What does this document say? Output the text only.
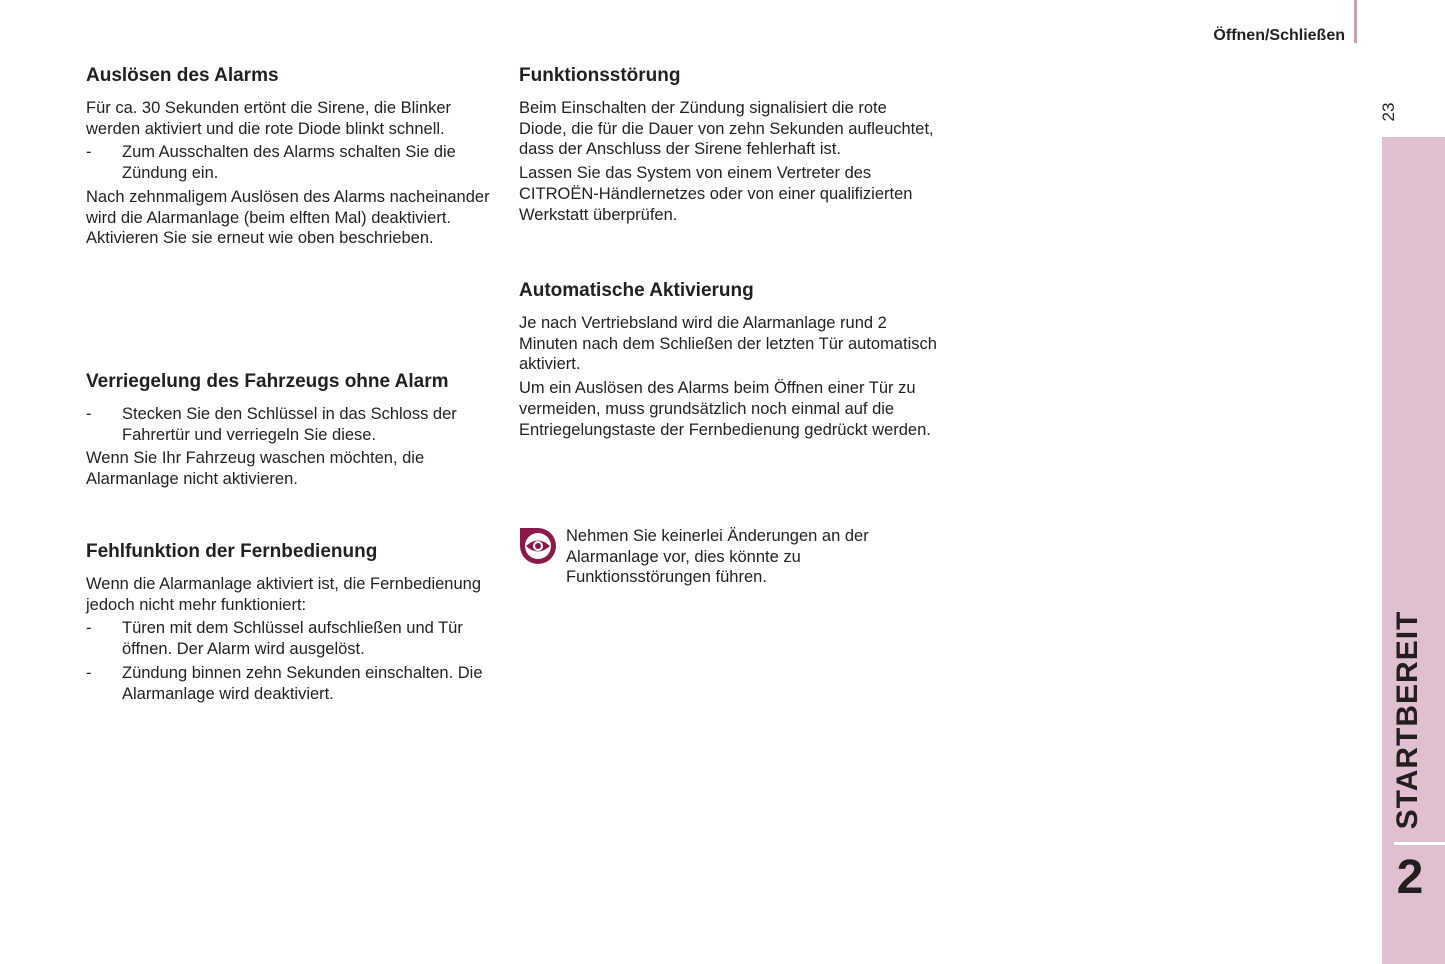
Öffnen/Schließen
23
STARTBEREIT
2
Auslösen des Alarms

Für ca. 30 Sekunden ertönt die Sirene, die Blinker werden aktiviert und die rote Diode blinkt schnell.

-	Zum Ausschalten des Alarms schalten Sie die Zündung ein.

Nach zehnmaligem Auslösen des Alarms nacheinander wird die Alarmanlage (beim elften Mal) deaktiviert. Aktivieren Sie sie erneut wie oben beschrieben.

Verriegelung des Fahrzeugs ohne Alarm
-	Stecken Sie den Schlüssel in das Schloss der Fahrertür und verriegeln Sie diese.

Wenn Sie Ihr Fahrzeug waschen möchten, die Alarmanlage nicht aktivieren.

Fehlfunktion der Fernbedienung

Wenn die Alarmanlage aktiviert ist, die Fernbedienung jedoch nicht mehr funktioniert:

-	Türen mit dem Schlüssel aufschließen und Tür öffnen. Der Alarm wird ausgelöst.
-	Zündung binnen zehn Sekunden einschalten. Die Alarmanlage wird deaktiviert.
Funktionsstörung

Beim Einschalten der Zündung signalisiert die rote Diode, die für die Dauer von zehn Sekunden aufleuchtet, dass der Anschluss der Sirene fehlerhaft ist.

Lassen Sie das System von einem Vertreter des CITROËN-Händlernetzes oder von einer qualifizierten Werkstatt überprüfen.

Automatische Aktivierung

Je nach Vertriebsland wird die Alarmanlage rund 2 Minuten nach dem Schließen der letzten Tür automatisch aktiviert.

Um ein Auslösen des Alarms beim Öffnen einer Tür zu vermeiden, muss grundsätzlich noch einmal auf die Entriegelungstaste der Fernbedienung gedrückt werden.

Nehmen Sie keinerlei Änderungen an der Alarmanlage vor, dies könnte zu Funktionsstörungen führen.
